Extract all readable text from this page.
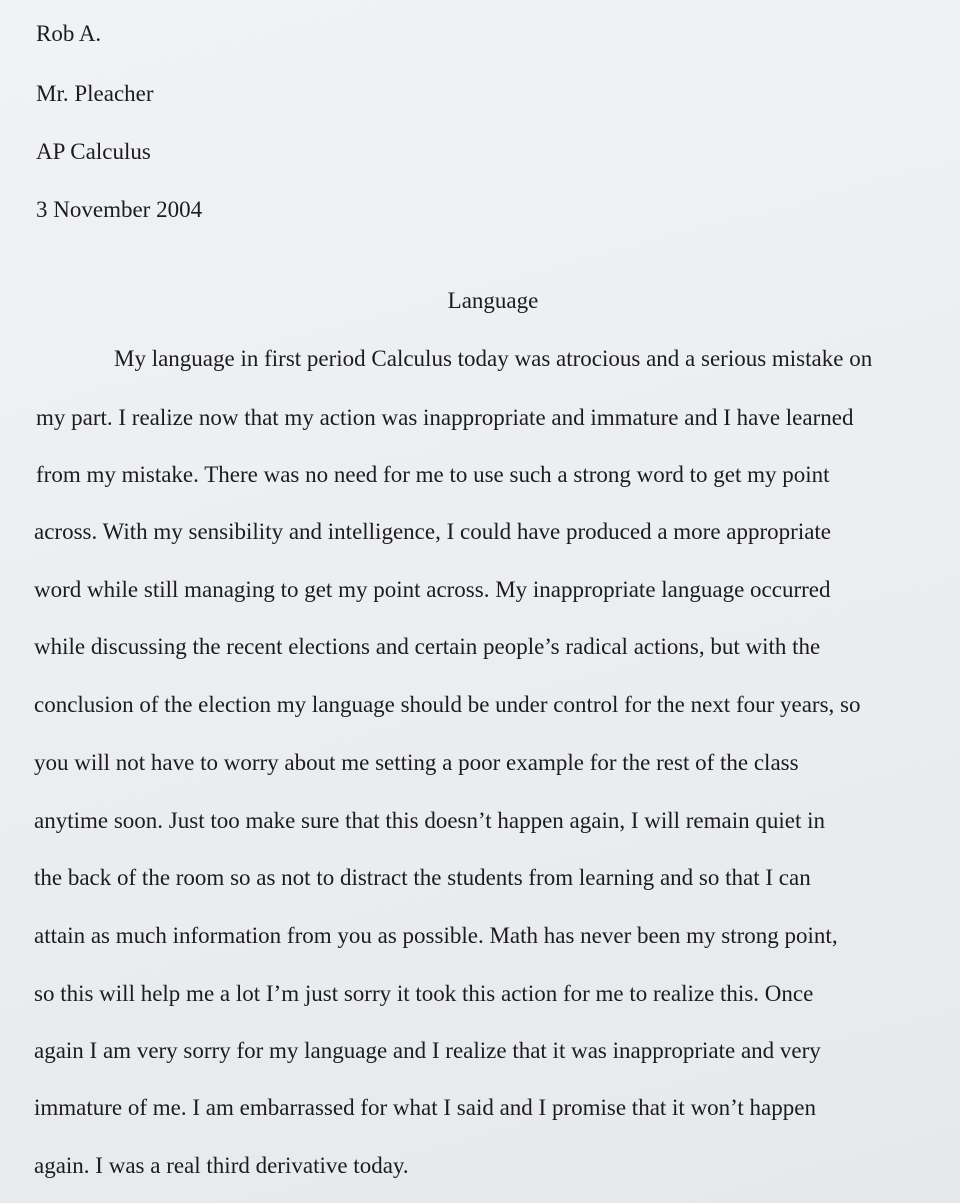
Rob A.

Mr. Pleacher

AP Calculus

3 November 2004

Language

My language in first period Calculus today was atrocious and a serious mistake on

my part. I realize now that my action was inappropriate and immature and I have learned

from my mistake. There was no need for me to use such a strong word to get my point

across. With my sensibility and intelligence, I could have produced a more appropriate

word while still managing to get my point across. My inappropriate language occurred

while discussing the recent elections and certain people’s radical actions, but with the

conclusion of the election my language should be under control for the next four years, so

you will not have to worry about me setting a poor example for the rest of the class

anytime soon. Just too make sure that this doesn’t happen again, I will remain quiet in

the back of the room so as not to distract the students from learning and so that I can

attain as much information from you as possible. Math has never been my strong point,

so this will help me a lot I’m just sorry it took this action for me to realize this. Once

again I am very sorry for my language and I realize that it was inappropriate and very

immature of me. I am embarrassed for what I said and I promise that it won’t happen

again. I was a real third derivative today.
